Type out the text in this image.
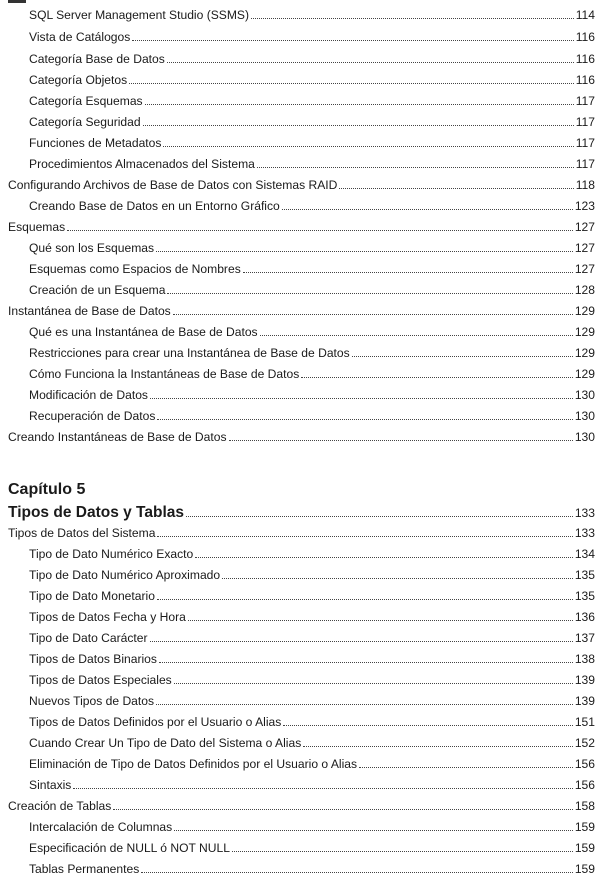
SQL Server Management Studio (SSMS)	114
Vista de Catálogos	116
Categoría Base de Datos	116
Categoría Objetos	116
Categoría Esquemas	117
Categoría Seguridad	117
Funciones de Metadatos	117
Procedimientos Almacenados del Sistema	117
Configurando Archivos de Base de Datos con Sistemas RAID	118
Creando Base de Datos en un Entorno Gráfico	123
Esquemas	127
Qué son los Esquemas	127
Esquemas como Espacios de Nombres	127
Creación de un Esquema	128
Instantánea de Base de Datos	129
Qué es una Instantánea de Base de Datos	129
Restricciones para crear una Instantánea de Base de Datos	129
Cómo Funciona la Instantáneas de Base de Datos	129
Modificación de Datos	130
Recuperación de Datos	130
Creando Instantáneas de Base de Datos	130
Tipos de Datos y Tablas	133
Tipos de Datos del Sistema	133
Tipo de Dato Numérico Exacto	134
Tipo de Dato Numérico Aproximado	135
Tipo de Dato Monetario	135
Tipos de Datos Fecha y Hora	136
Tipo de Dato Carácter	137
Tipos de Datos Binarios	138
Tipos de Datos Especiales	139
Nuevos Tipos de Datos	139
Tipos de Datos Definidos por el Usuario o Alias	151
Cuando Crear Un Tipo de Dato del Sistema o Alias	152
Eliminación de Tipo de Datos Definidos por el Usuario o Alias	156
Sintaxis	156
Creación de Tablas	158
Intercalación de Columnas	159
Especificación de NULL ó NOT NULL	159
Tablas Permanentes	159
Capítulo 5
